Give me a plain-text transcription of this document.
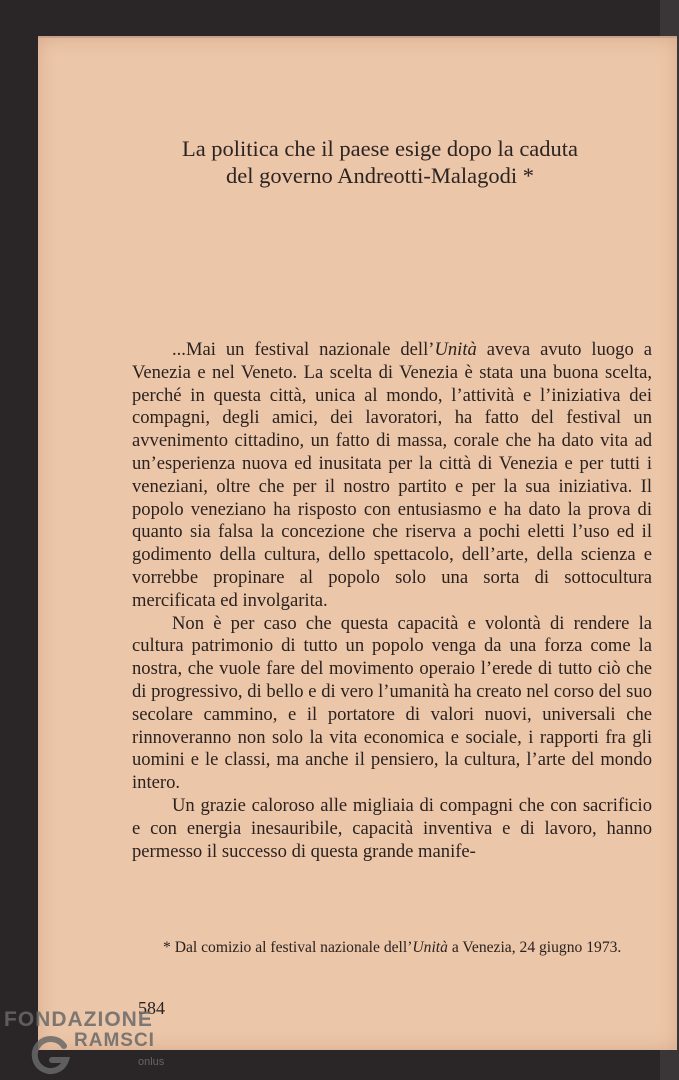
La politica che il paese esige dopo la caduta
del governo Andreotti-Malagodi *

...Mai un festival nazionale dell’Unità aveva avuto luogo a Venezia e nel Veneto. La scelta di Venezia è stata una buona scelta, perché in questa città, unica al mondo, l’attività e l’iniziativa dei compagni, degli amici, dei lavoratori, ha fatto del festival un avvenimento cittadino, un fatto di massa, corale che ha dato vita ad un’esperienza nuova ed inusitata per la città di Venezia e per tutti i veneziani, oltre che per il nostro partito e per la sua iniziativa. Il popolo veneziano ha risposto con entusiasmo e ha dato la prova di quanto sia falsa la concezione che riserva a pochi eletti l’uso ed il godimento della cultura, dello spettacolo, dell’arte, della scienza e vorrebbe propinare al popolo solo una sorta di sottocultura mercificata ed involgarita.

Non è per caso che questa capacità e volontà di rendere la cultura patrimonio di tutto un popolo venga da una forza come la nostra, che vuole fare del movimento operaio l’erede di tutto ciò che di progressivo, di bello e di vero l’umanità ha creato nel corso del suo secolare cammino, e il portatore di valori nuovi, universali che rinnoveranno non solo la vita economica e sociale, i rapporti fra gli uomini e le classi, ma anche il pensiero, la cultura, l’arte del mondo intero.

Un grazie caloroso alle migliaia di compagni che con sacrificio e con energia inesauribile, capacità inventiva e di lavoro, hanno permesso il successo di questa grande manife-

* Dal comizio al festival nazionale dell’Unità a Venezia, 24 giugno 1973.
584
FONDAZIONE
RAMSCI
onlus
